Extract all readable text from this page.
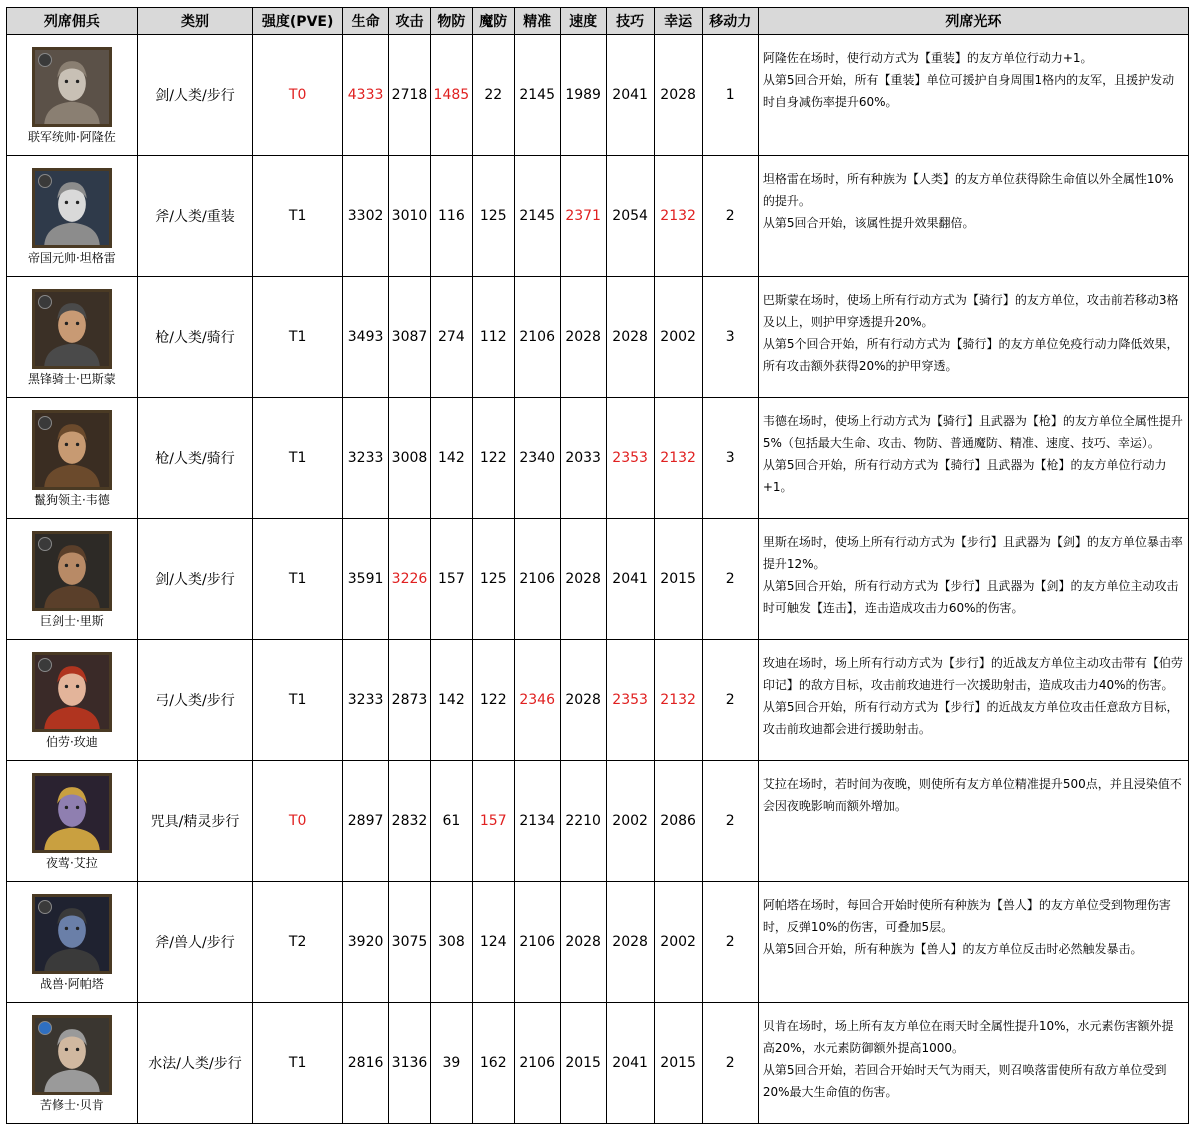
列席佣兵	类别	强度(PVE)	生命	攻击	物防	魔防	精准	速度	技巧	幸运	移动力	列席光环

联军统帅·阿隆佐	剑/人类/步行	T0	4333	2718	1485	22	2145	1989	2041	2028	1	阿隆佐在场时，使行动方式为【重装】的友方单位行动力+1。

从第5回合开始，所有【重装】单位可援护自身周围1格内的友军，且援护发动时自身减伤率提升60%。

帝国元帅·坦格雷	斧/人类/重装	T1	3302	3010	116	125	2145	2371	2054	2132	2	坦格雷在场时，所有种族为【人类】的友方单位获得除生命值以外全属性10%的提升。

从第5回合开始，该属性提升效果翻倍。

黑锋骑士·巴斯蒙	枪/人类/骑行	T1	3493	3087	274	112	2106	2028	2028	2002	3	巴斯蒙在场时，使场上所有行动方式为【骑行】的友方单位，攻击前若移动3格及以上，则护甲穿透提升20%。

从第5个回合开始，所有行动方式为【骑行】的友方单位免疫行动力降低效果，所有攻击额外获得20%的护甲穿透。

鬣狗领主·韦德	枪/人类/骑行	T1	3233	3008	142	122	2340	2033	2353	2132	3	韦德在场时，使场上行动方式为【骑行】且武器为【枪】的友方单位全属性提升5%（包括最大生命、攻击、物防、普通魔防、精准、速度、技巧、幸运）。

从第5回合开始，所有行动方式为【骑行】且武器为【枪】的友方单位行动力+1。

巨剑士·里斯	剑/人类/步行	T1	3591	3226	157	125	2106	2028	2041	2015	2	里斯在场时，使场上所有行动方式为【步行】且武器为【剑】的友方单位暴击率提升12%。

从第5回合开始，所有行动方式为【步行】且武器为【剑】的友方单位主动攻击时可触发【连击】，连击造成攻击力60%的伤害。

伯劳·玫迪	弓/人类/步行	T1	3233	2873	142	122	2346	2028	2353	2132	2	玫迪在场时，场上所有行动方式为【步行】的近战友方单位主动攻击带有【伯劳印记】的敌方目标，攻击前玫迪进行一次援助射击，造成攻击力40%的伤害。

从第5回合开始，所有行动方式为【步行】的近战友方单位攻击任意敌方目标，攻击前玫迪都会进行援助射击。

夜莺·艾拉	咒具/精灵步行	T0	2897	2832	61	157	2134	2210	2002	2086	2	艾拉在场时，若时间为夜晚，则使所有友方单位精准提升500点，并且浸染值不会因夜晚影响而额外增加。

战兽·阿帕塔	斧/兽人/步行	T2	3920	3075	308	124	2106	2028	2028	2002	2	阿帕塔在场时，每回合开始时使所有种族为【兽人】的友方单位受到物理伤害时，反弹10%的伤害，可叠加5层。

从第5回合开始，所有种族为【兽人】的友方单位反击时必然触发暴击。

苦修士·贝肯	水法/人类/步行	T1	2816	3136	39	162	2106	2015	2041	2015	2	贝肯在场时，场上所有友方单位在雨天时全属性提升10%，水元素伤害额外提高20%，水元素防御额外提高1000。

从第5回合开始，若回合开始时天气为雨天，则召唤落雷使所有敌方单位受到20%最大生命值的伤害。
